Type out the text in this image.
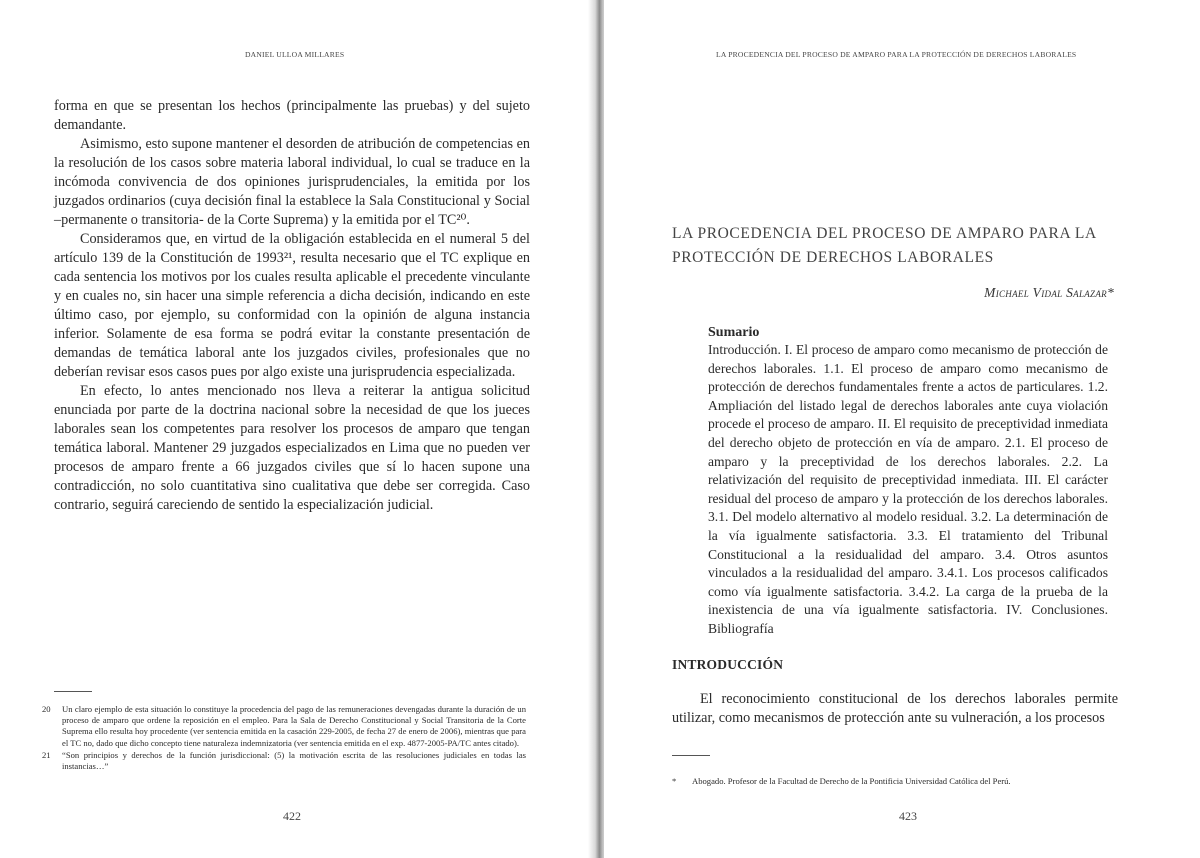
DANIEL ULLOA MILLARES

forma en que se presentan los hechos (principalmente las pruebas) y del sujeto demandante.

Asimismo, esto supone mantener el desorden de atribución de competencias en la resolución de los casos sobre materia laboral individual, lo cual se traduce en la incómoda convivencia de dos opiniones jurisprudenciales, la emitida por los juzgados ordinarios (cuya decisión final la establece la Sala Constitucional y Social –permanente o transitoria- de la Corte Suprema) y la emitida por el TC²⁰.

Consideramos que, en virtud de la obligación establecida en el numeral 5 del artículo 139 de la Constitución de 1993²¹, resulta necesario que el TC explique en cada sentencia los motivos por los cuales resulta aplicable el precedente vinculante y en cuales no, sin hacer una simple referencia a dicha decisión, indicando en este último caso, por ejemplo, su conformidad con la opinión de alguna instancia inferior. Solamente de esa forma se podrá evitar la constante presentación de demandas de temática laboral ante los juzgados civiles, profesionales que no deberían revisar esos casos pues por algo existe una jurisprudencia especializada.

En efecto, lo antes mencionado nos lleva a reiterar la antigua solicitud enunciada por parte de la doctrina nacional sobre la necesidad de que los jueces laborales sean los competentes para resolver los procesos de amparo que tengan temática laboral. Mantener 29 juzgados especializados en Lima que no pueden ver procesos de amparo frente a 66 juzgados civiles que sí lo hacen supone una contradicción, no solo cuantitativa sino cualitativa que debe ser corregida. Caso contrario, seguirá careciendo de sentido la especialización judicial.

20	Un claro ejemplo de esta situación lo constituye la procedencia del pago de las remuneraciones devengadas durante la duración de un proceso de amparo que ordene la reposición en el empleo. Para la Sala de Derecho Constitucional y Social Transitoria de la Corte Suprema ello resulta hoy procedente (ver sentencia emitida en la casación 229-2005, de fecha 27 de enero de 2006), mientras que para el TC no, dado que dicho concepto tiene naturaleza indemnizatoria (ver sentencia emitida en el exp. 4877-2005-PA/TC antes citado).
21	“Son principios y derechos de la función jurisdiccional: (5) la motivación escrita de las resoluciones judiciales en todas las instancias…”
422
LA PROCEDENCIA DEL PROCESO DE AMPARO PARA LA PROTECCIÓN DE DERECHOS LABORALES
LA PROCEDENCIA DEL PROCESO DE AMPARO PARA LA PROTECCIÓN DE DERECHOS LABORALES
Michael Vidal Salazar*
Sumario
Introducción. I. El proceso de amparo como mecanismo de protección de derechos laborales. 1.1. El proceso de amparo como mecanismo de protección de derechos fundamentales frente a actos de particulares. 1.2. Ampliación del listado legal de derechos laborales ante cuya violación procede el proceso de amparo. II. El requisito de preceptividad inmediata del derecho objeto de protección en vía de amparo. 2.1. El proceso de amparo y la preceptividad de los derechos laborales. 2.2. La relativización del requisito de preceptividad inmediata. III. El carácter residual del proceso de amparo y la protección de los derechos laborales. 3.1. Del modelo alternativo al modelo residual. 3.2. La determinación de la vía igualmente satisfactoria. 3.3. El tratamiento del Tribunal Constitucional a la residualidad del amparo. 3.4. Otros asuntos vinculados a la residualidad del amparo. 3.4.1. Los procesos calificados como vía igualmente satisfactoria. 3.4.2. La carga de la prueba de la inexistencia de una vía igualmente satisfactoria. IV. Conclusiones. Bibliografía
INTRODUCCIÓN
El reconocimiento constitucional de los derechos laborales permite utilizar, como mecanismos de protección ante su vulneración, a los procesos
*	Abogado. Profesor de la Facultad de Derecho de la Pontificia Universidad Católica del Perú.
423
